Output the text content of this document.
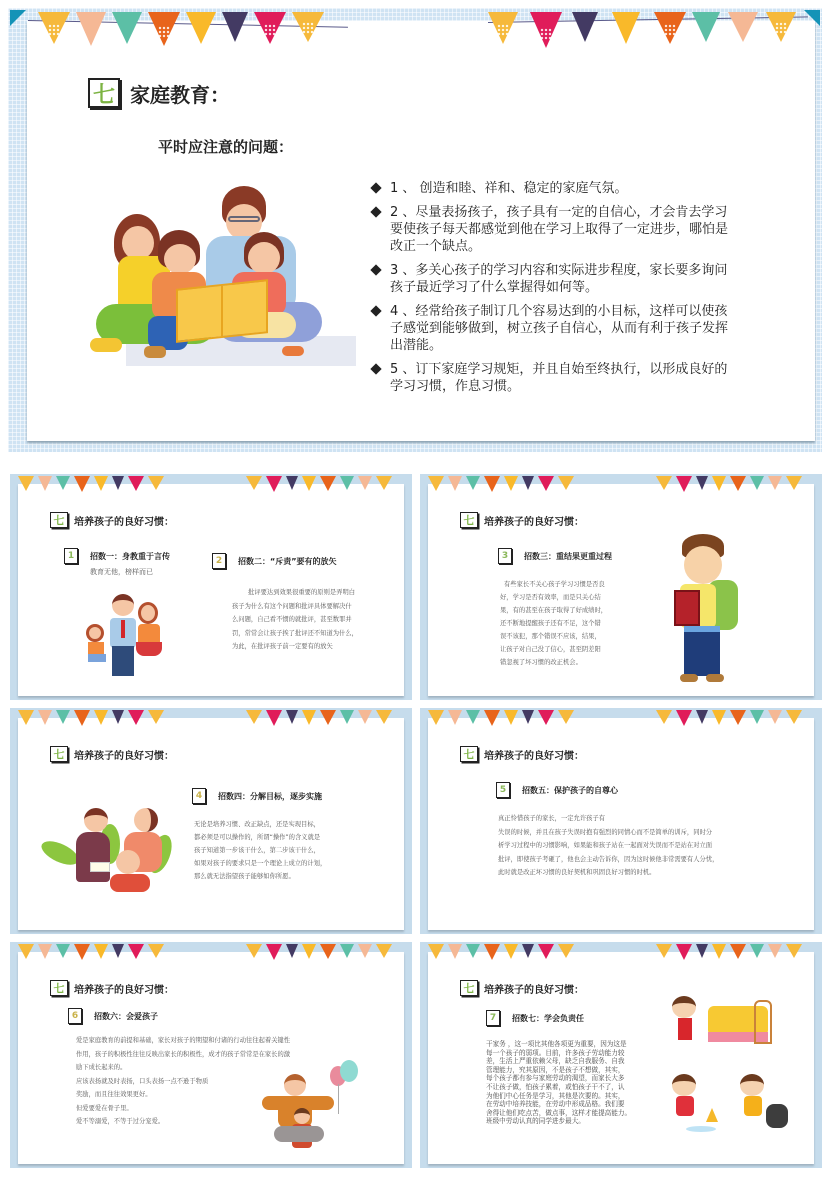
七 家庭教育：
平时应注意的问题：
1 、 创造和睦、祥和、稳定的家庭气氛。
2 、尽量表扬孩子，孩子具有一定的自信心，才会肯去学习要使孩子每天都感觉到他在学习上取得了一定进步，哪怕是改正一个缺点。
3 、多关心孩子的学习内容和实际进步程度，家长要多询问孩子最近学习了什么掌握得如何等。
4 、经常给孩子制订几个容易达到的小目标，这样可以使孩子感觉到能够做到，树立孩子自信心，从而有利于孩子发挥出潜能。
5 、订下家庭学习规矩，并且自始至终执行，以形成良好的学习习惯，作息习惯。
七 培养孩子的良好习惯：
1	招数一：身教重于言传
教育无他，榜样而已
2	招数二：“斥责”要有的放矢
批评要达到效果很重要的原则是弄明白
孩子为什么有这个问题和批评具体要解决什
么问题，自己看不惯的就批评，甚至数罪并
罚，常常会让孩子挨了批评还不知道为什么，
为此，在批评孩子前一定要有的放矢
七 培养孩子的良好习惯：
3	招数三：重结果更重过程
有些家长不关心孩子学习习惯是否良
好，学习是否有效率，而是只关心结
果，有的甚至在孩子取得了好成绩时，
还不断地提醒孩子还有不足，这个错
误不该犯，那个错误不应该，结果，
让孩子对自己没了信心，甚至阴差阳
错忽视了坏习惯的改正机会。
七 培养孩子的良好习惯：
4	招数四：分解目标，逐步实施
无论是培养习惯、改正缺点，还是实现目标，
都必须是可以操作的，所谓“操作”的含义就是
孩子知道第一步该干什么，第二步该干什么，
如果对孩子的要求只是一个理论上成立的计划，
那么就无法指望孩子能够如你所愿。
七 培养孩子的良好习惯：
5	招数五：保护孩子的自尊心
真正怜惜孩子的家长，一定允许孩子有
失误的时候，并且在孩子失误时抱有强烈的同情心而不是简单的训斥，同时分
析学习过程中的习惯影响，如果能和孩子站在一起面对失误而不是站在对立面
批评，即使孩子考砸了，他也会主动告诉你，因为这时候他非常需要有人分忧，
此时就是改正坏习惯的良好契机和巩固良好习惯的时机。
七 培养孩子的良好习惯：
6	招数六：会爱孩子
爱是家庭教育的前提和基础，家长对孩子的期望和付诸的行动往往起着关键性
作用，孩子的积极性往往反映出家长的积极性，成才的孩子常常是在家长的激
励下成长起来的。
应该表扬就及时表扬，口头表扬一点不逊于物质
奖励，而且往往效果更好。
但爱要爱在骨子里。
爱不等溺爱，不等于过分宠爱。
七 培养孩子的良好习惯：
7	招数七：学会负责任
干家务 ，这一项比其他各项更为重要，因为这是
每一个孩子的弱项。目前，许多孩子劳动能力较
差，生活上严重依赖父母，缺乏自我服务、自我
管理能力，究其原因，不是孩子不想做，其实，
每个孩子都有参与家庭劳动的渴望，而家长大多
不让孩子做，怕孩子累着，或怕孩子干不了，认
为他们中心任务是学习，其他是次要的。其实，
在劳动中培养技能，在劳动中形成品格。我们要
舍得让他们吃点苦，做点事，这样才能提高能力。
班级中劳动认真的同学进步最大。
